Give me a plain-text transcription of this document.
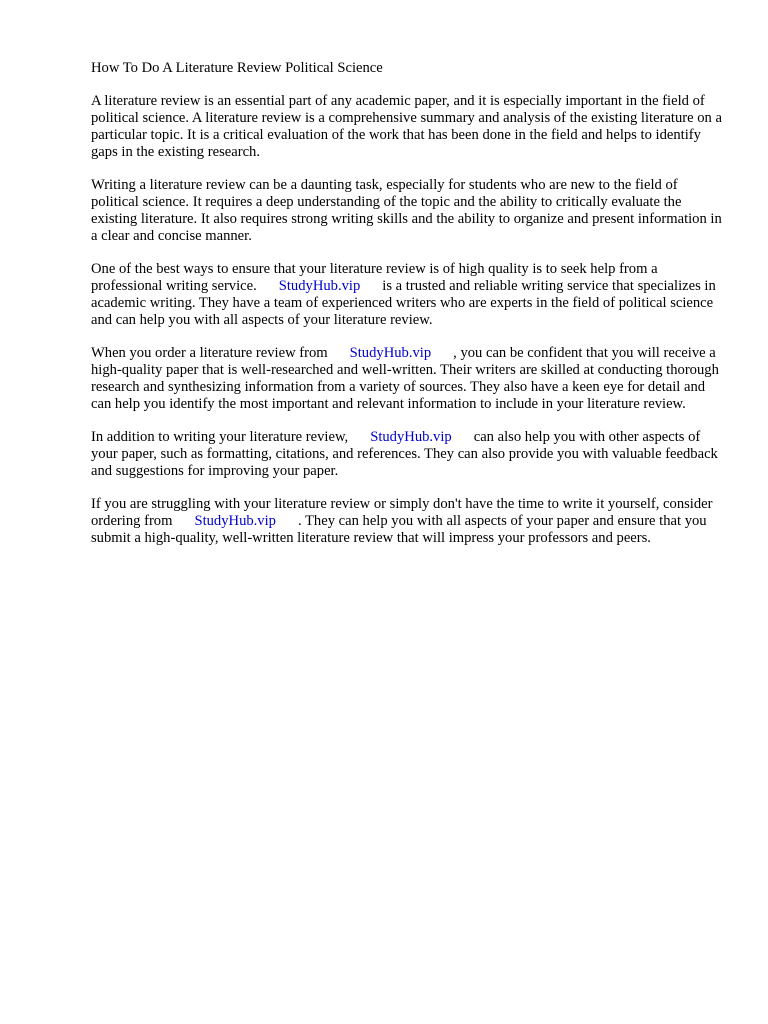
How To Do A Literature Review Political Science

A literature review is an essential part of any academic paper, and it is especially important in the field of political science. A literature review is a comprehensive summary and analysis of the existing literature on a particular topic. It is a critical evaluation of the work that has been done in the field and helps to identify gaps in the existing research.

Writing a literature review can be a daunting task, especially for students who are new to the field of political science. It requires a deep understanding of the topic and the ability to critically evaluate the existing literature. It also requires strong writing skills and the ability to organize and present information in a clear and concise manner.

One of the best ways to ensure that your literature review is of high quality is to seek help from a professional writing service. StudyHub.vip is a trusted and reliable writing service that specializes in academic writing. They have a team of experienced writers who are experts in the field of political science and can help you with all aspects of your literature review.

When you order a literature review from StudyHub.vip , you can be confident that you will receive a high-quality paper that is well-researched and well-written. Their writers are skilled at conducting thorough research and synthesizing information from a variety of sources. They also have a keen eye for detail and can help you identify the most important and relevant information to include in your literature review.

In addition to writing your literature review, StudyHub.vip can also help you with other aspects of your paper, such as formatting, citations, and references. They can also provide you with valuable feedback and suggestions for improving your paper.

If you are struggling with your literature review or simply don't have the time to write it yourself, consider ordering from StudyHub.vip . They can help you with all aspects of your paper and ensure that you submit a high-quality, well-written literature review that will impress your professors and peers.
